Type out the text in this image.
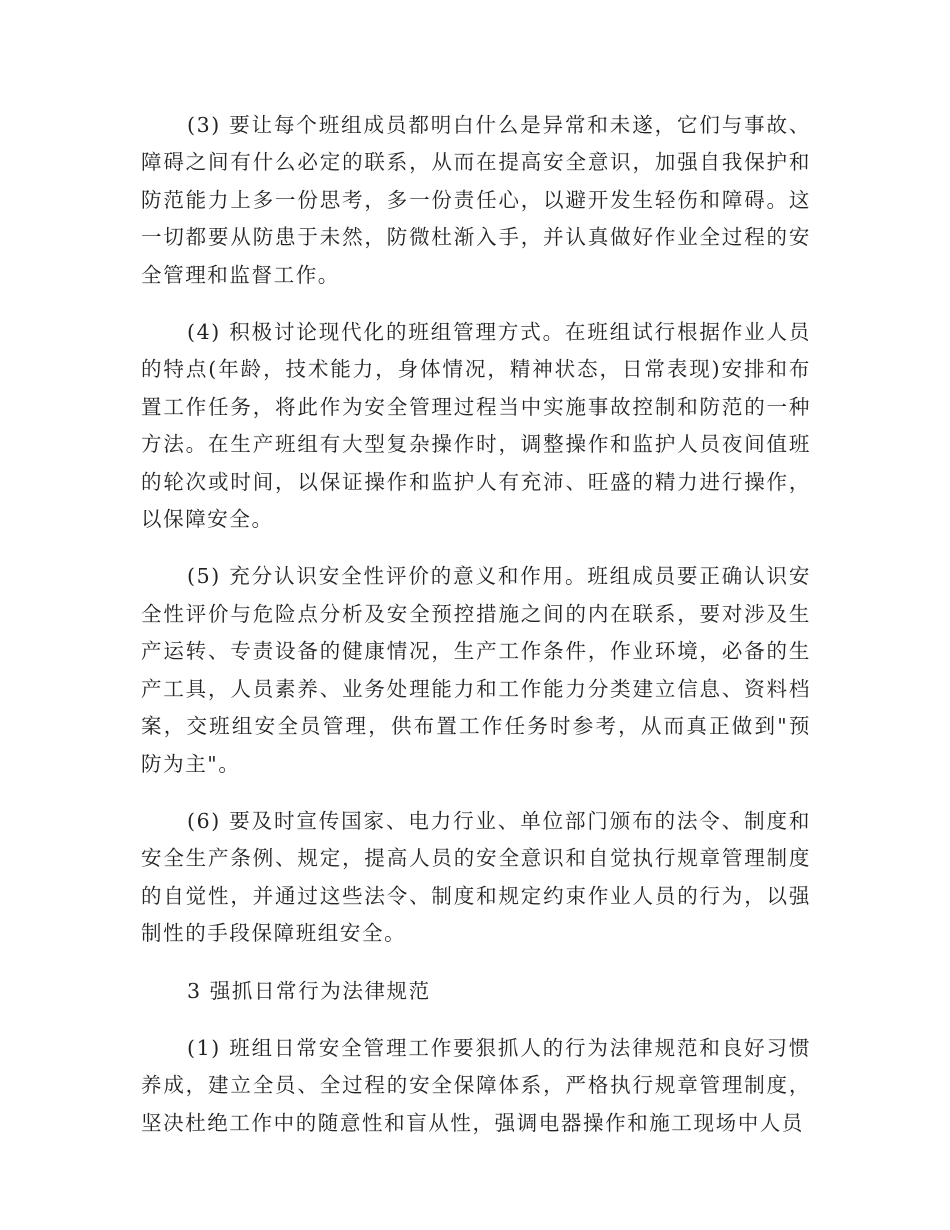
(3) 要让每个班组成员都明白什么是异常和未遂，它们与事故、障碍之间有什么必定的联系，从而在提高安全意识，加强自我保护和防范能力上多一份思考，多一份责任心，以避开发生轻伤和障碍。这一切都要从防患于未然，防微杜渐入手，并认真做好作业全过程的安全管理和监督工作。

(4) 积极讨论现代化的班组管理方式。在班组试行根据作业人员的特点(年龄，技术能力，身体情况，精神状态，日常表现)安排和布置工作任务，将此作为安全管理过程当中实施事故控制和防范的一种方法。在生产班组有大型复杂操作时，调整操作和监护人员夜间值班的轮次或时间，以保证操作和监护人有充沛、旺盛的精力进行操作，以保障安全。

(5) 充分认识安全性评价的意义和作用。班组成员要正确认识安全性评价与危险点分析及安全预控措施之间的内在联系，要对涉及生产运转、专责设备的健康情况，生产工作条件，作业环境，必备的生产工具，人员素养、业务处理能力和工作能力分类建立信息、资料档案，交班组安全员管理，供布置工作任务时参考，从而真正做到"预防为主"。

(6) 要及时宣传国家、电力行业、单位部门颁布的法令、制度和安全生产条例、规定，提高人员的安全意识和自觉执行规章管理制度的自觉性，并通过这些法令、制度和规定约束作业人员的行为，以强制性的手段保障班组安全。

3 强抓日常行为法律规范

(1) 班组日常安全管理工作要狠抓人的行为法律规范和良好习惯养成，建立全员、全过程的安全保障体系，严格执行规章管理制度，坚决杜绝工作中的随意性和盲从性，强调电器操作和施工现场中人员
